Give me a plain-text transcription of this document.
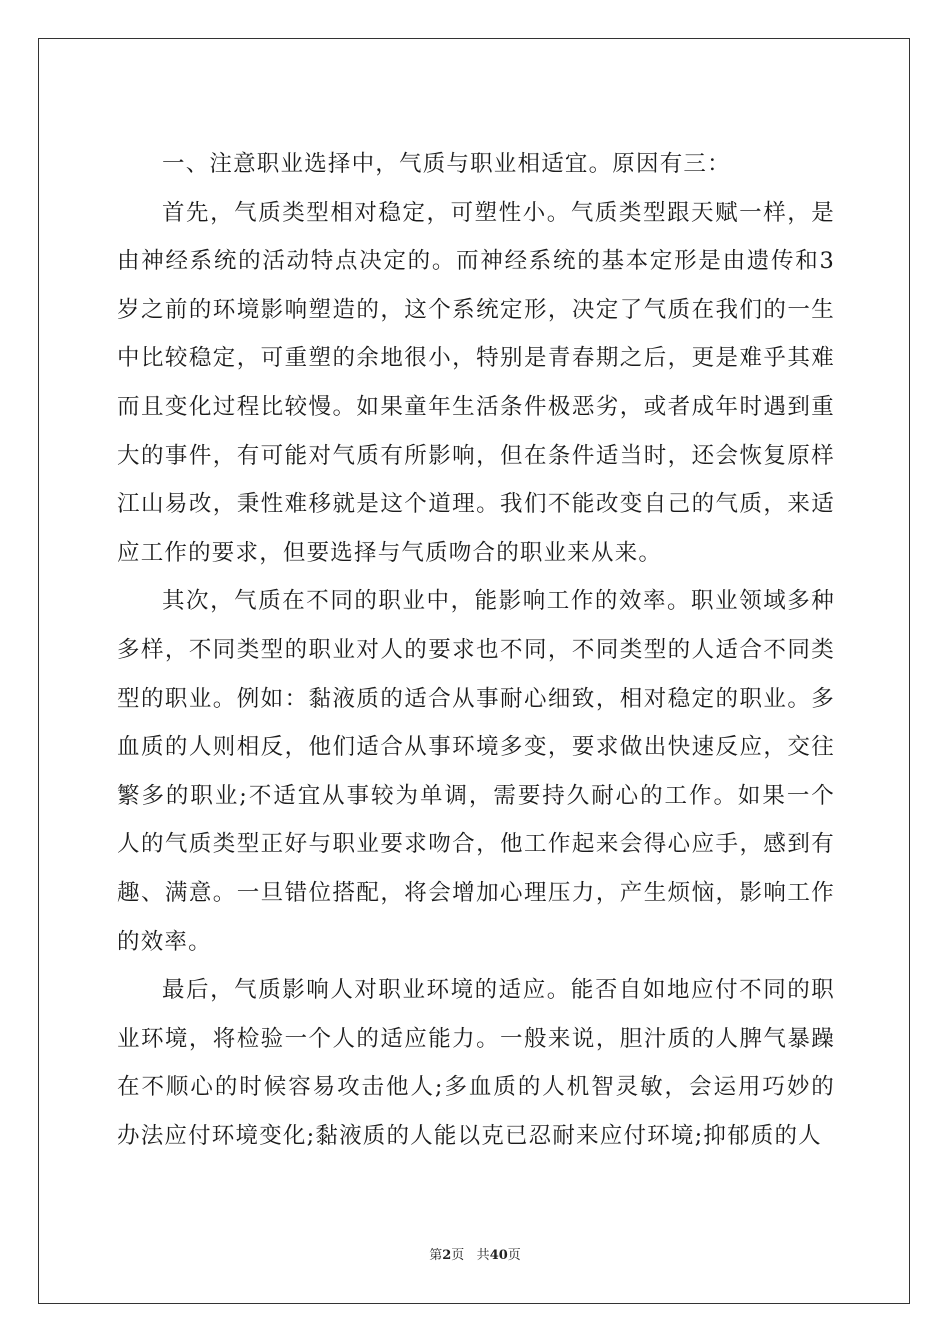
一、注意职业选择中，气质与职业相适宜。原因有三：

首先，气质类型相对稳定，可塑性小。气质类型跟天赋一样，是由神经系统的活动特点决定的。而神经系统的基本定形是由遗传和3岁之前的环境影响塑造的，这个系统定形，决定了气质在我们的一生中比较稳定，可重塑的余地很小，特别是青春期之后，更是难乎其难而且变化过程比较慢。如果童年生活条件极恶劣，或者成年时遇到重大的事件，有可能对气质有所影响，但在条件适当时，还会恢复原样江山易改，秉性难移就是这个道理。我们不能改变自己的气质，来适应工作的要求，但要选择与气质吻合的职业来从来。

其次，气质在不同的职业中，能影响工作的效率。职业领域多种多样，不同类型的职业对人的要求也不同，不同类型的人适合不同类型的职业。例如：黏液质的适合从事耐心细致，相对稳定的职业。多血质的人则相反，他们适合从事环境多变，要求做出快速反应，交往繁多的职业;不适宜从事较为单调，需要持久耐心的工作。如果一个人的气质类型正好与职业要求吻合，他工作起来会得心应手，感到有趣、满意。一旦错位搭配，将会增加心理压力，产生烦恼，影响工作的效率。

最后，气质影响人对职业环境的适应。能否自如地应付不同的职业环境，将检验一个人的适应能力。一般来说，胆汁质的人脾气暴躁在不顺心的时候容易攻击他人;多血质的人机智灵敏，会运用巧妙的办法应付环境变化;黏液质的人能以克已忍耐来应付环境;抑郁质的人

第2页 共40页
